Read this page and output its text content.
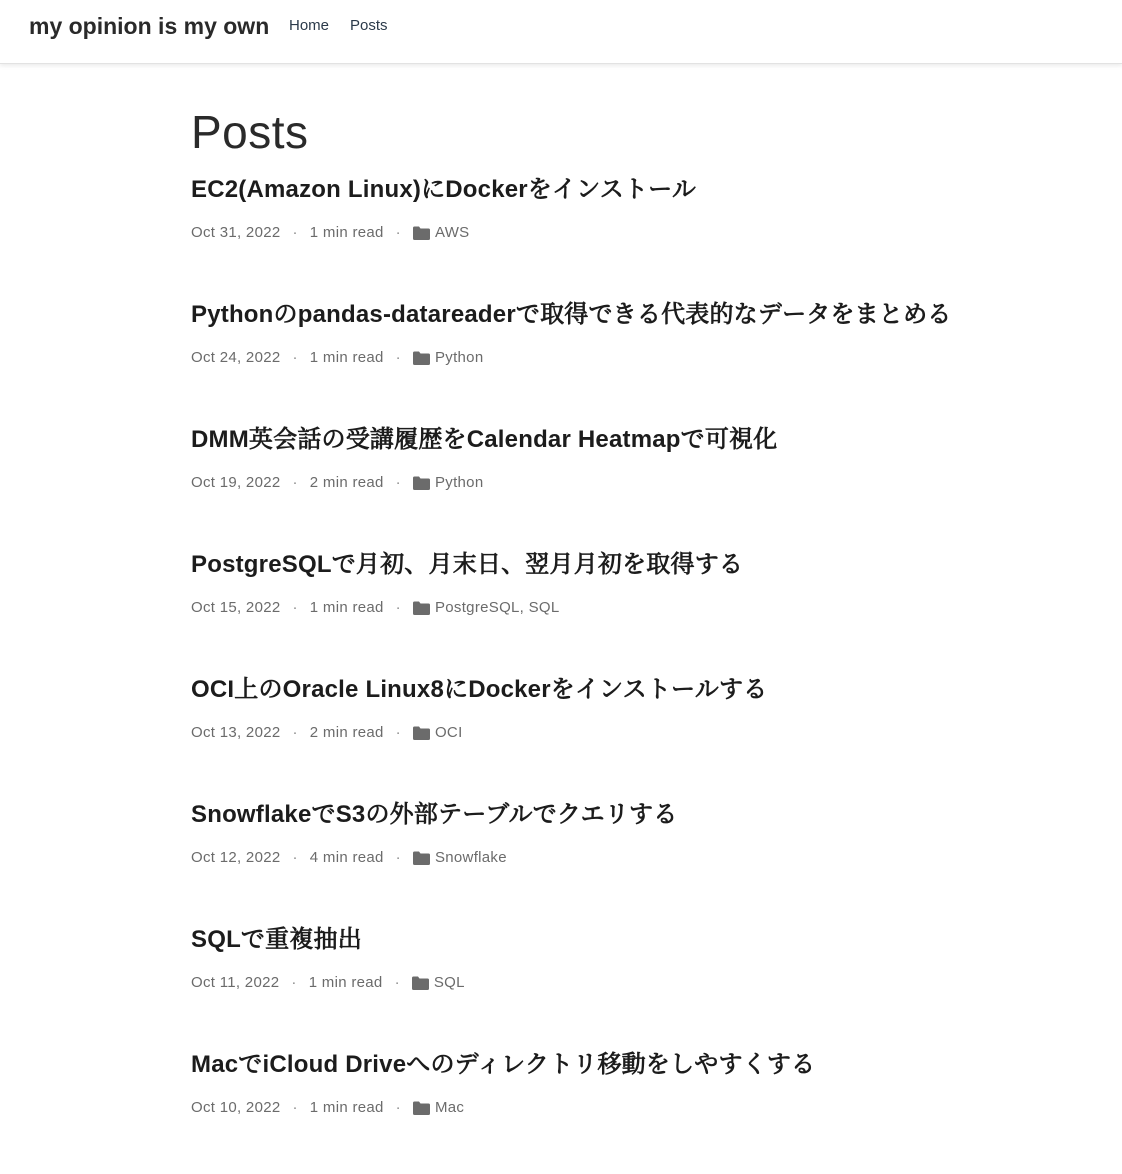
my opinion is my own Home Posts
Posts
EC2(Amazon Linux)にDockerをインストール
Oct 31, 2022 · 1 min read · AWS
Pythonのpandas-datareaderで取得できる代表的なデータをまとめる
Oct 24, 2022 · 1 min read · Python
DMM英会話の受講履歴をCalendar Heatmapで可視化
Oct 19, 2022 · 2 min read · Python
PostgreSQLで月初、月末日、翌月月初を取得する
Oct 15, 2022 · 1 min read · PostgreSQL, SQL
OCI上のOracle Linux8にDockerをインストールする
Oct 13, 2022 · 2 min read · OCI
SnowflakeでS3の外部テーブルでクエリする
Oct 12, 2022 · 4 min read · Snowflake
SQLで重複抽出
Oct 11, 2022 · 1 min read · SQL
MacでiCloud Driveへのディレクトリ移動をしやすくする
Oct 10, 2022 · 1 min read · Mac
